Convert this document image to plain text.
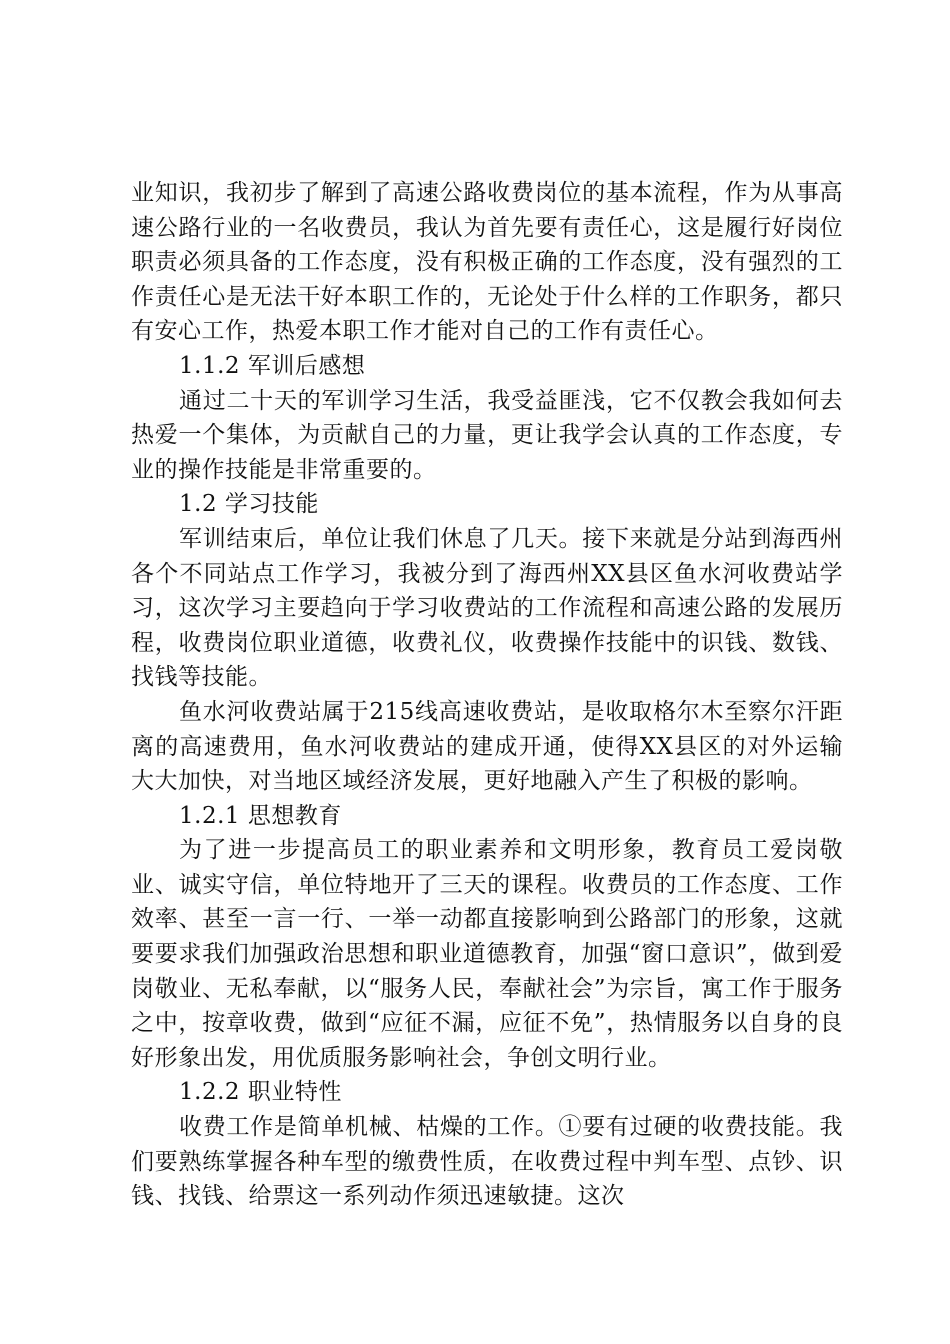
业知识，我初步了解到了高速公路收费岗位的基本流程，作为从事高速公路行业的一名收费员，我认为首先要有责任心，这是履行好岗位职责必须具备的工作态度，没有积极正确的工作态度，没有强烈的工作责任心是无法干好本职工作的，无论处于什么样的工作职务，都只有安心工作，热爱本职工作才能对自己的工作有责任心。

1.1.2 军训后感想

通过二十天的军训学习生活，我受益匪浅，它不仅教会我如何去热爱一个集体，为贡献自己的力量，更让我学会认真的工作态度，专业的操作技能是非常重要的。

1.2 学习技能

军训结束后，单位让我们休息了几天。接下来就是分站到海西州各个不同站点工作学习，我被分到了海西州XX县区鱼水河收费站学习，这次学习主要趋向于学习收费站的工作流程和高速公路的发展历程，收费岗位职业道德，收费礼仪，收费操作技能中的识钱、数钱、找钱等技能。

鱼水河收费站属于215线高速收费站，是收取格尔木至察尔汗距离的高速费用，鱼水河收费站的建成开通，使得XX县区的对外运输大大加快，对当地区域经济发展，更好地融入产生了积极的影响。

1.2.1 思想教育

为了进一步提高员工的职业素养和文明形象，教育员工爱岗敬业、诚实守信，单位特地开了三天的课程。收费员的工作态度、工作效率、甚至一言一行、一举一动都直接影响到公路部门的形象，这就要要求我们加强政治思想和职业道德教育，加强“窗口意识”，做到爱岗敬业、无私奉献，以“服务人民，奉献社会”为宗旨，寓工作于服务之中，按章收费，做到“应征不漏，应征不免”，热情服务以自身的良好形象出发，用优质服务影响社会，争创文明行业。

1.2.2 职业特性

收费工作是简单机械、枯燥的工作。①要有过硬的收费技能。我们要熟练掌握各种车型的缴费性质，在收费过程中判车型、点钞、识钱、找钱、给票这一系列动作须迅速敏捷。这次
